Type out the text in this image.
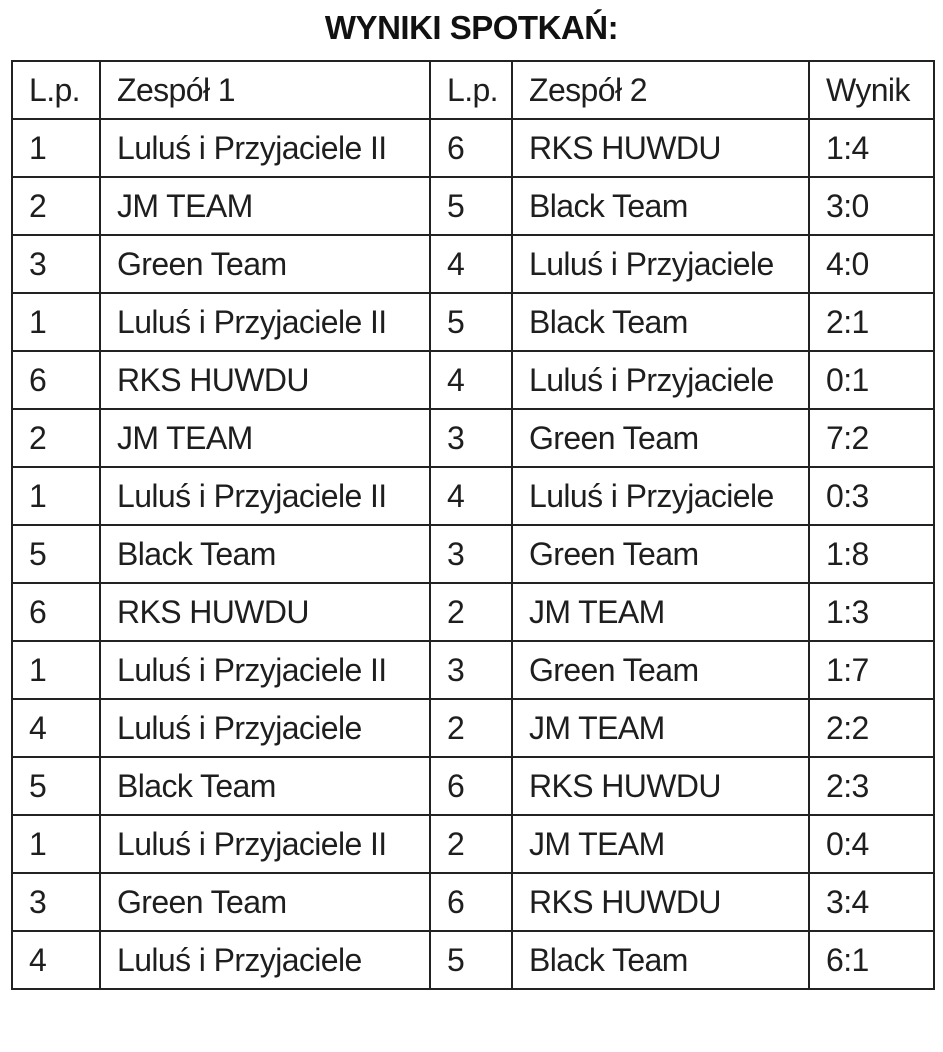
WYNIKI SPOTKAŃ:
L.p.	Zespół 1	L.p.	Zespół 2	Wynik
1	Luluś i Przyjaciele II	6	RKS HUWDU	1:4
2	JM TEAM	5	Black Team	3:0
3	Green Team	4	Luluś i Przyjaciele	4:0
1	Luluś i Przyjaciele II	5	Black Team	2:1
6	RKS HUWDU	4	Luluś i Przyjaciele	0:1
2	JM TEAM	3	Green Team	7:2
1	Luluś i Przyjaciele II	4	Luluś i Przyjaciele	0:3
5	Black Team	3	Green Team	1:8
6	RKS HUWDU	2	JM TEAM	1:3
1	Luluś i Przyjaciele II	3	Green Team	1:7
4	Luluś i Przyjaciele	2	JM TEAM	2:2
5	Black Team	6	RKS HUWDU	2:3
1	Luluś i Przyjaciele II	2	JM TEAM	0:4
3	Green Team	6	RKS HUWDU	3:4
4	Luluś i Przyjaciele	5	Black Team	6:1
